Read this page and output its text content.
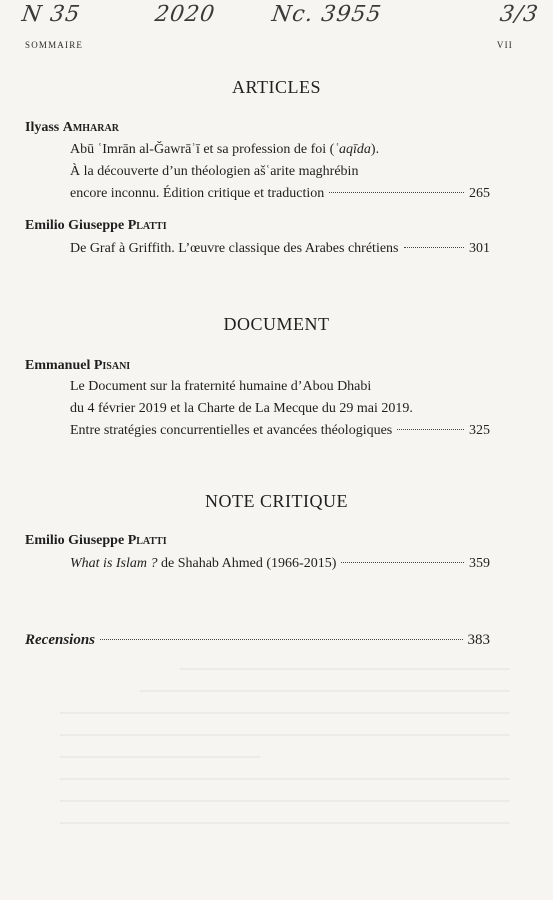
N 35	2020 Nc. 3955	3/3
SOMMAIRE	VII
ARTICLES
Ilyass Amharar
Abū ʿImrān al-Ǧawrāʾī et sa profession de foi (ʿaqīda).
À la découverte d’un théologien ašʿarite maghrébin
encore inconnu. Édition critique et traduction	265
Emilio Giuseppe Platti
De Graf à Griffith. L’œuvre classique des Arabes chrétiens	301
DOCUMENT
Emmanuel Pisani
Le Document sur la fraternité humaine d’Abou Dhabi
du 4 février 2019 et la Charte de La Mecque du 29 mai 2019.
Entre stratégies concurrentielles et avancées théologiques	325
NOTE CRITIQUE
Emilio Giuseppe Platti
What is Islam ? de Shahab Ahmed (1966-2015)	359
Recensions	383
